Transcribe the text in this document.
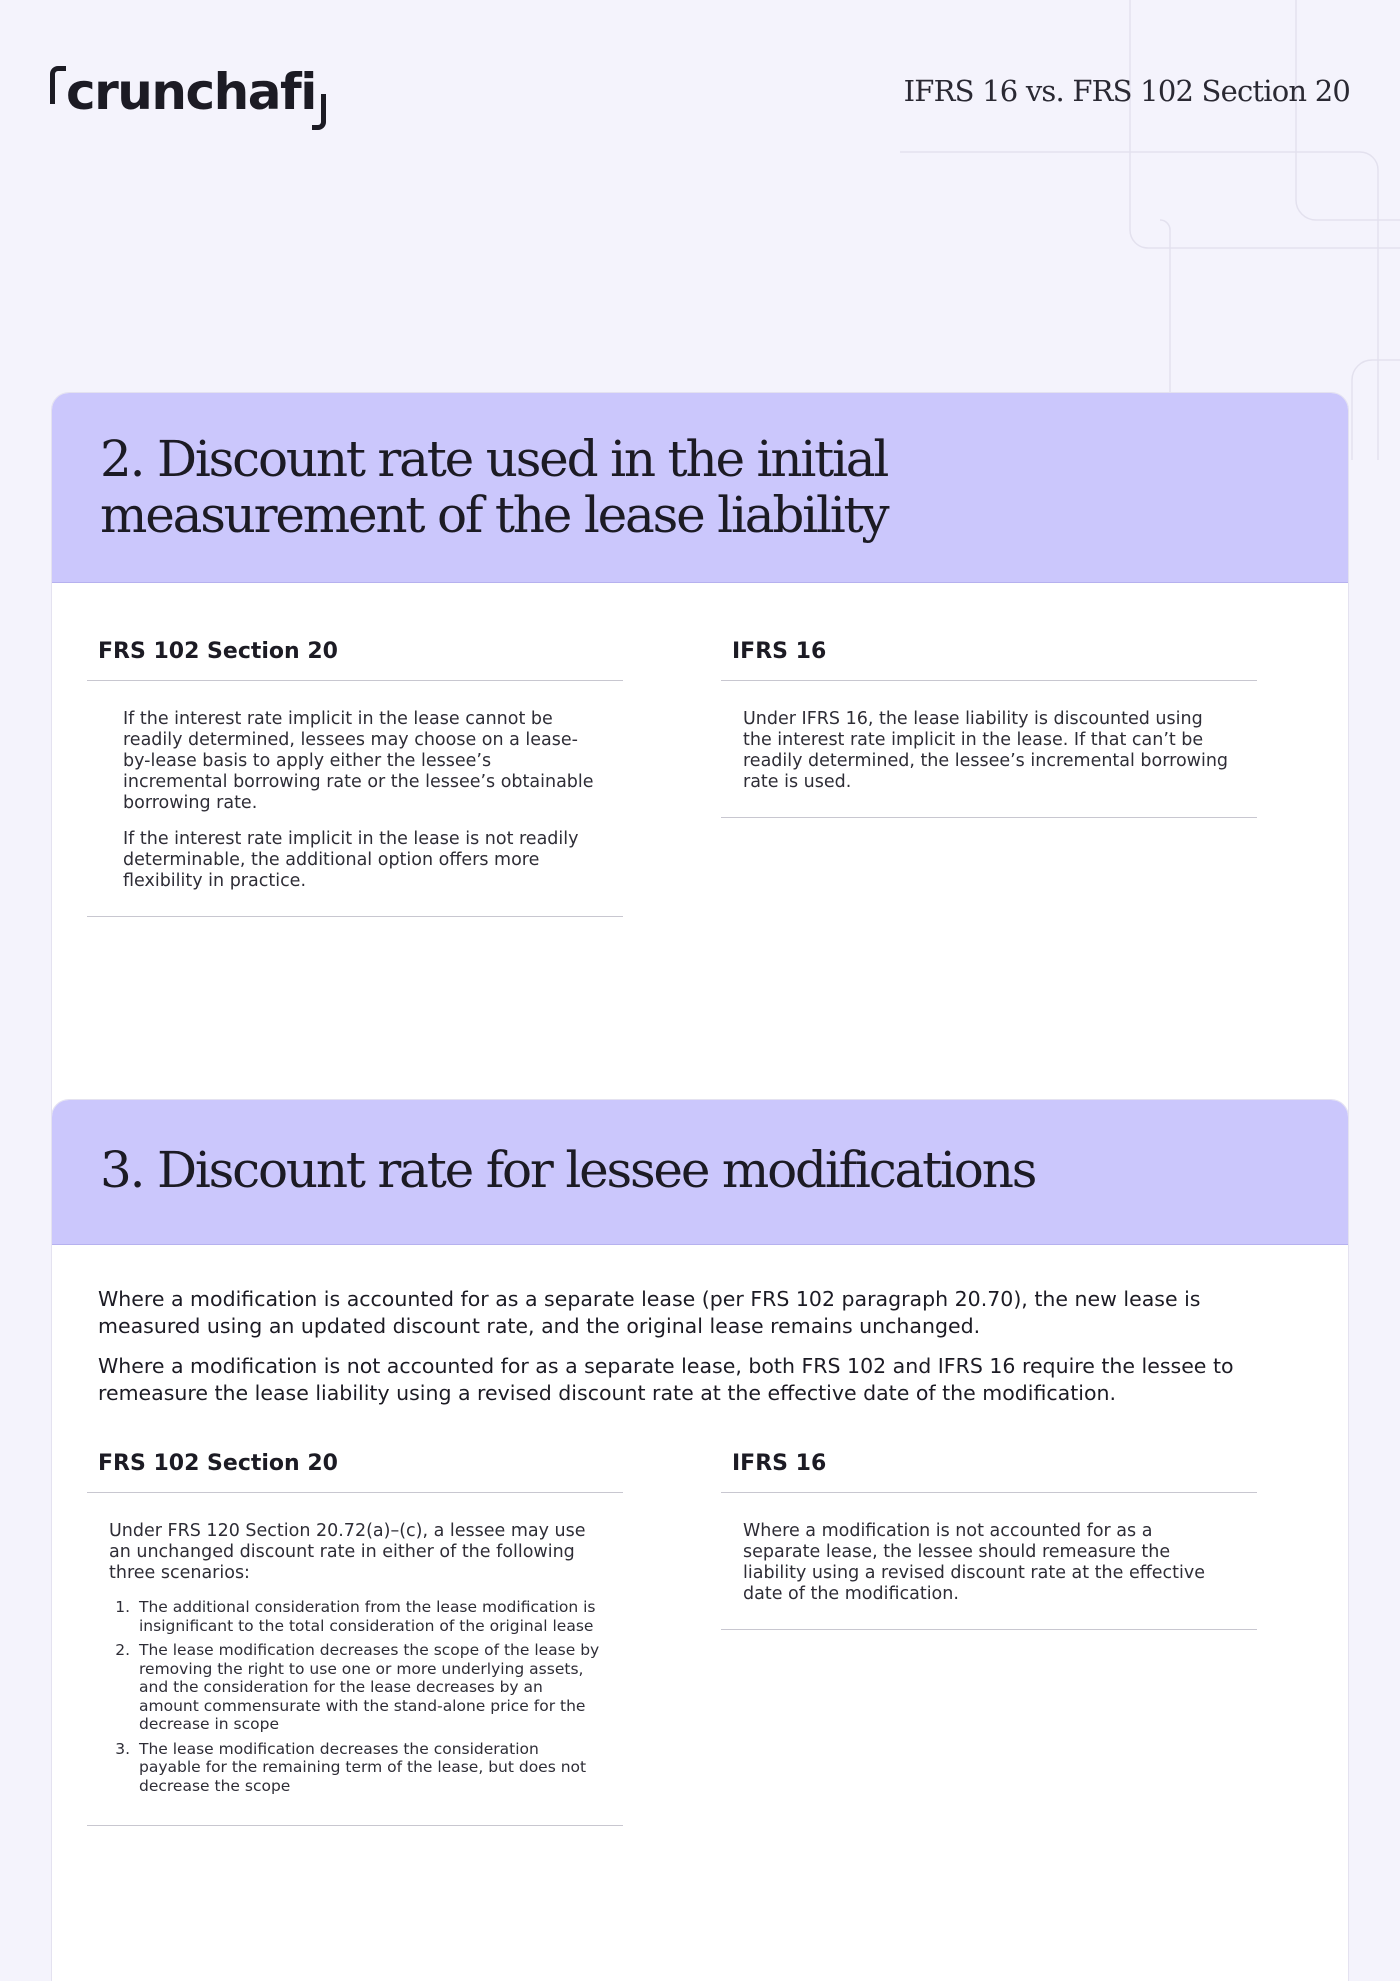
crunchafi	IFRS 16 vs. FRS 102 Section 20
2. Discount rate used in the initial
measurement of the lease liability
FRS 102 Section 20

If the interest rate implicit in the lease cannot be readily determined, lessees may choose on a lease-by-lease basis to apply either the lessee’s incremental borrowing rate or the lessee’s obtainable borrowing rate.

If the interest rate implicit in the lease is not readily determinable, the additional option offers more flexibility in practice.

IFRS 16

Under IFRS 16, the lease liability is discounted using the interest rate implicit in the lease. If that can’t be readily determined, the lessee’s incremental borrowing rate is used.

3. Discount rate for lessee modifications

Where a modification is accounted for as a separate lease (per FRS 102 paragraph 20.70), the new lease is measured using an updated discount rate, and the original lease remains unchanged.

Where a modification is not accounted for as a separate lease, both FRS 102 and IFRS 16 require the lessee to remeasure the lease liability using a revised discount rate at the effective date of the modification.

FRS 102 Section 20

Under FRS 120 Section 20.72(a)–(c), a lessee may use an unchanged discount rate in either of the following three scenarios:

1. The additional consideration from the lease modification is insignificant to the total consideration of the original lease
2. The lease modification decreases the scope of the lease by removing the right to use one or more underlying assets, and the consideration for the lease decreases by an amount commensurate with the stand-alone price for the decrease in scope
3. The lease modification decreases the consideration payable for the remaining term of the lease, but does not decrease the scope
IFRS 16

Where a modification is not accounted for as a separate lease, the lessee should remeasure the liability using a revised discount rate at the effective date of the modification.
